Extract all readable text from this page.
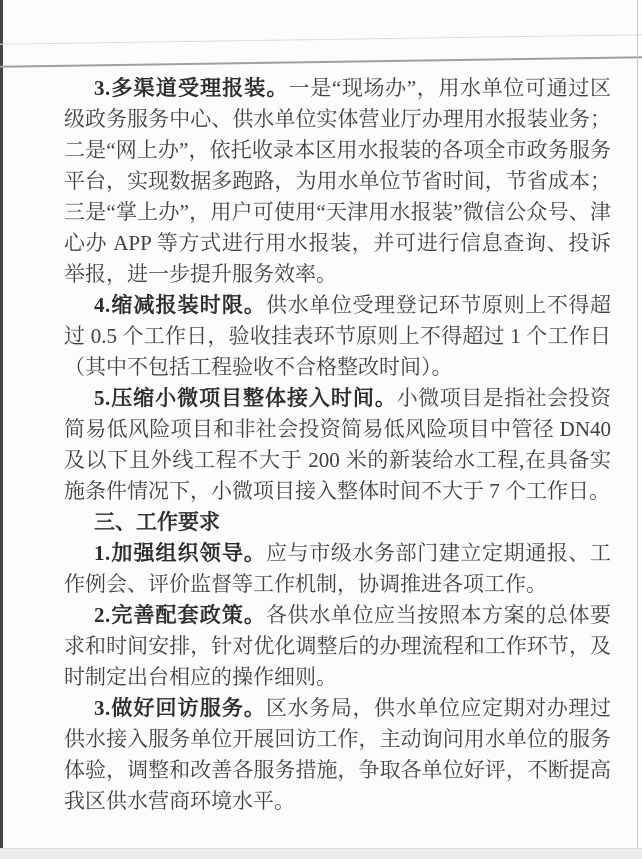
3.多渠道受理报装。一是“现场办”，用水单位可通过区级政务服务中心、供水单位实体营业厅办理用水报装业务；二是“网上办”，依托收录本区用水报装的各项全市政务服务平台，实现数据多跑路，为用水单位节省时间，节省成本；三是“掌上办”，用户可使用“天津用水报装”微信公众号、津心办 APP 等方式进行用水报装，并可进行信息查询、投诉举报，进一步提升服务效率。

4.缩减报装时限。供水单位受理登记环节原则上不得超过 0.5 个工作日，验收挂表环节原则上不得超过 1 个工作日（其中不包括工程验收不合格整改时间）。

5.压缩小微项目整体接入时间。小微项目是指社会投资简易低风险项目和非社会投资简易低风险项目中管径 DN40 及以下且外线工程不大于 200 米的新装给水工程,在具备实施条件情况下，小微项目接入整体时间不大于 7 个工作日。

三、工作要求

1.加强组织领导。应与市级水务部门建立定期通报、工作例会、评价监督等工作机制，协调推进各项工作。

2.完善配套政策。各供水单位应当按照本方案的总体要求和时间安排，针对优化调整后的办理流程和工作环节，及时制定出台相应的操作细则。

3.做好回访服务。区水务局，供水单位应定期对办理过供水接入服务单位开展回访工作，主动询问用水单位的服务体验，调整和改善各服务措施，争取各单位好评，不断提高我区供水营商环境水平。
